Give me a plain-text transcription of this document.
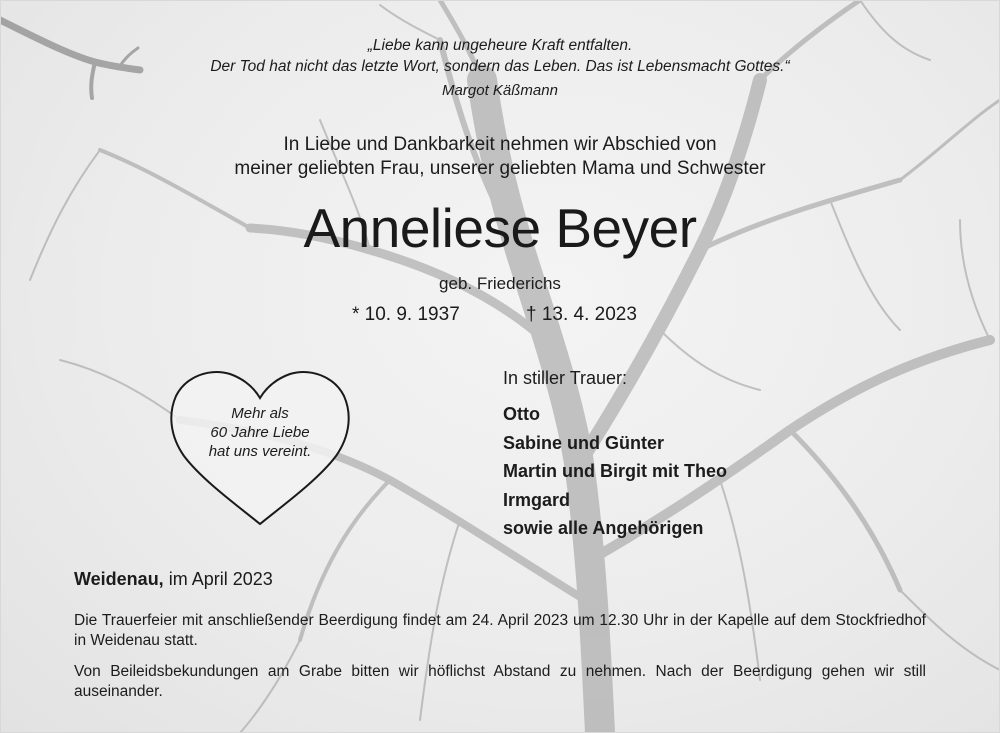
„Liebe kann ungeheure Kraft entfalten.
Der Tod hat nicht das letzte Wort, sondern das Leben. Das ist Lebensmacht Gottes.“
Margot Käßmann
In Liebe und Dankbarkeit nehmen wir Abschied von
meiner geliebten Frau, unserer geliebten Mama und Schwester
Anneliese Beyer
geb. Friederichs
* 10. 9. 1937	† 13. 4. 2023
Mehr als
60 Jahre Liebe
hat uns vereint.
In stiller Trauer:
Otto
Sabine und Günter
Martin und Birgit mit Theo
Irmgard
sowie alle Angehörigen
Weidenau, im April 2023

Die Trauerfeier mit anschließender Beerdigung findet am 24. April 2023 um 12.30 Uhr in der Kapelle auf dem Stockfriedhof in Weidenau statt.

Von Beileidsbekundungen am Grabe bitten wir höflichst Abstand zu nehmen. Nach der Beerdigung gehen wir still auseinander.
